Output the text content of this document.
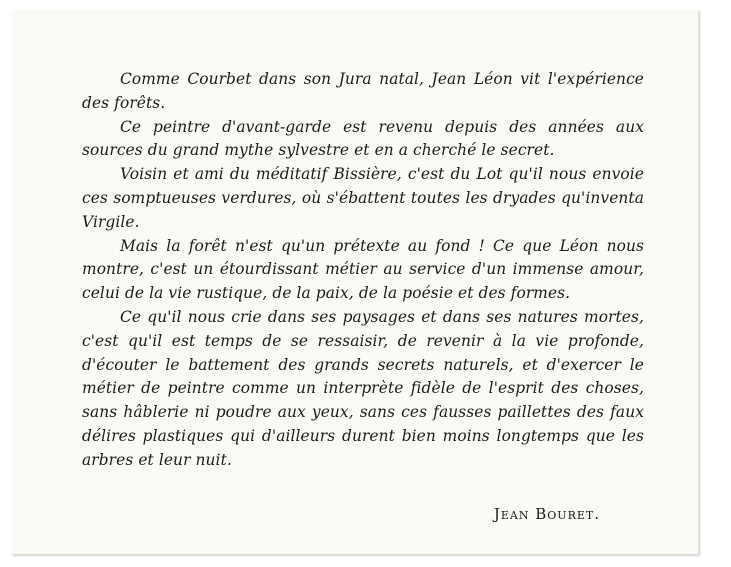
Comme Courbet dans son Jura natal, Jean Léon vit l'expérience des forêts.

Ce peintre d'avant-garde est revenu depuis des années aux sources du grand mythe sylvestre et en a cherché le secret.

Voisin et ami du méditatif Bissière, c'est du Lot qu'il nous envoie ces somptueuses verdures, où s'ébattent toutes les dryades qu'inventa Virgile.

Mais la forêt n'est qu'un prétexte au fond ! Ce que Léon nous montre, c'est un étourdissant métier au service d'un immense amour, celui de la vie rustique, de la paix, de la poésie et des formes.

Ce qu'il nous crie dans ses paysages et dans ses natures mortes, c'est qu'il est temps de se ressaisir, de revenir à la vie profonde, d'écouter le battement des grands secrets naturels, et d'exercer le métier de peintre comme un interprète fidèle de l'esprit des choses, sans hâblerie ni poudre aux yeux, sans ces fausses paillettes des faux délires plastiques qui d'ailleurs durent bien moins longtemps que les arbres et leur nuit.

Jean Bouret.
